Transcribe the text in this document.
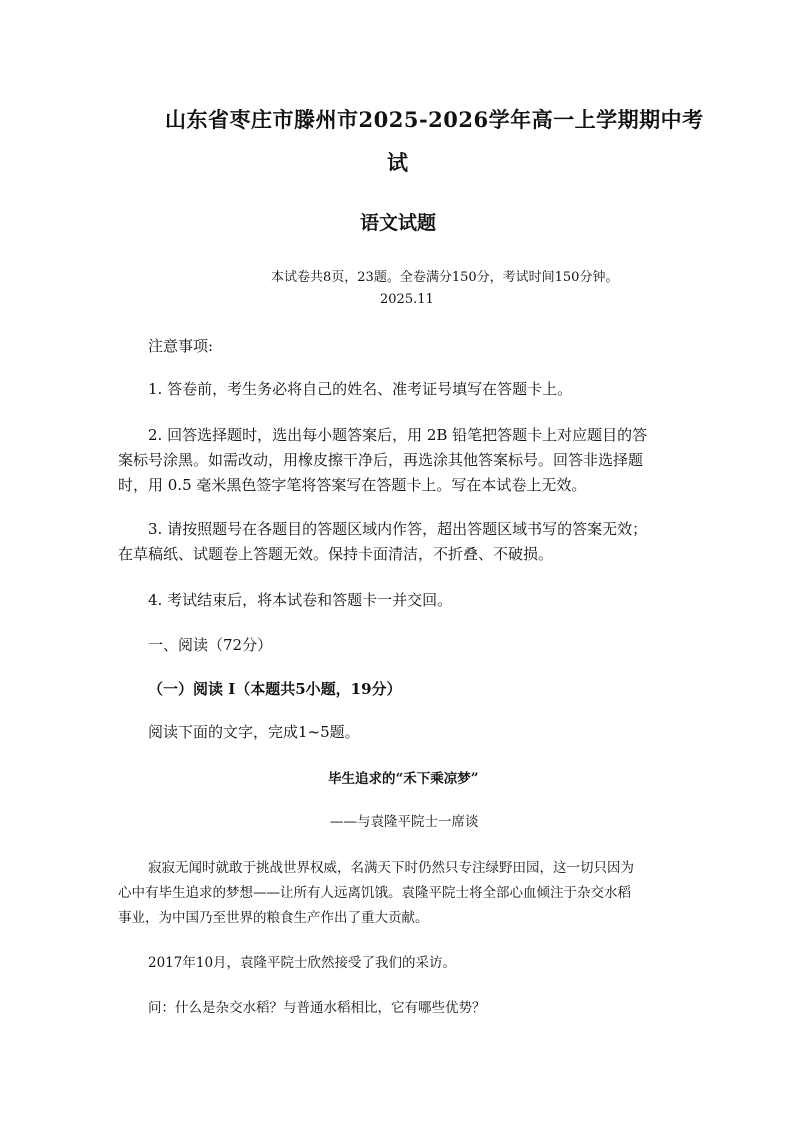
山东省枣庄市滕州市2025-2026学年高一上学期期中考
试
语文试题
本试卷共8页，23题。全卷满分150分，考试时间150分钟。
2025.11
注意事项:
1. 答卷前，考生务必将自己的姓名、准考证号填写在答题卡上。
2. 回答选择题时，选出每小题答案后，用 2B 铅笔把答题卡上对应题目的答
案标号涂黑。如需改动，用橡皮擦干净后，再选涂其他答案标号。回答非选择题
时，用 0.5 毫米黑色签字笔将答案写在答题卡上。写在本试卷上无效。
3. 请按照题号在各题目的答题区域内作答，超出答题区域书写的答案无效；
在草稿纸、试题卷上答题无效。保持卡面清洁，不折叠、不破损。
4. 考试结束后，将本试卷和答题卡一并交回。
一、阅读（72分）
（一）阅读 I（本题共5小题，19分）
阅读下面的文字，完成1~5题。
毕生追求的“禾下乘凉梦”
——与袁隆平院士一席谈
寂寂无闻时就敢于挑战世界权威，名满天下时仍然只专注绿野田园，这一切只因为
心中有毕生追求的梦想——让所有人远离饥饿。袁隆平院士将全部心血倾注于杂交水稻
事业，为中国乃至世界的粮食生产作出了重大贡献。
2017年10月，袁隆平院士欣然接受了我们的采访。
问：什么是杂交水稻？与普通水稻相比，它有哪些优势？
